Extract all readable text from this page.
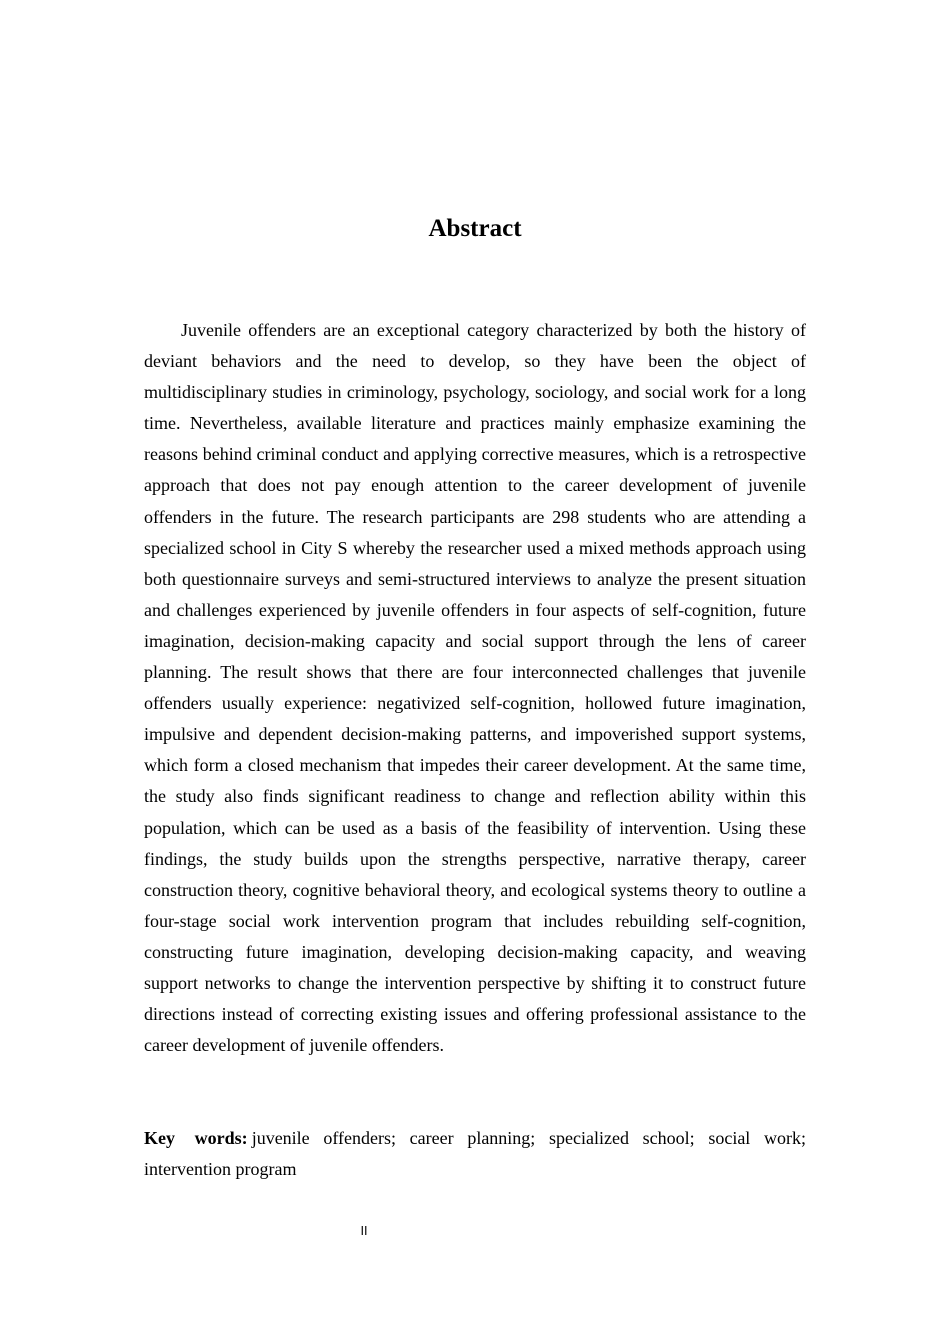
Abstract

Juvenile offenders are an exceptional category characterized by both the history of deviant behaviors and the need to develop, so they have been the object of multidisciplinary studies in criminology, psychology, sociology, and social work for a long time. Nevertheless, available literature and practices mainly emphasize examining the reasons behind criminal conduct and applying corrective measures, which is a retrospective approach that does not pay enough attention to the career development of juvenile offenders in the future. The research participants are 298 students who are attending a specialized school in City S whereby the researcher used a mixed methods approach using both questionnaire surveys and semi-structured interviews to analyze the present situation and challenges experienced by juvenile offenders in four aspects of self-cognition, future imagination, decision-making capacity and social support through the lens of career planning. The result shows that there are four interconnected challenges that juvenile offenders usually experience: negativized self-cognition, hollowed future imagination, impulsive and dependent decision-making patterns, and impoverished support systems, which form a closed mechanism that impedes their career development. At the same time, the study also finds significant readiness to change and reflection ability within this population, which can be used as a basis of the feasibility of intervention. Using these findings, the study builds upon the strengths perspective, narrative therapy, career construction theory, cognitive behavioral theory, and ecological systems theory to outline a four-stage social work intervention program that includes rebuilding self-cognition, constructing future imagination, developing decision-making capacity, and weaving support networks to change the intervention perspective by shifting it to construct future directions instead of correcting existing issues and offering professional assistance to the career development of juvenile offenders.

Key words: juvenile offenders; career planning; specialized school; social work; intervention program

II
